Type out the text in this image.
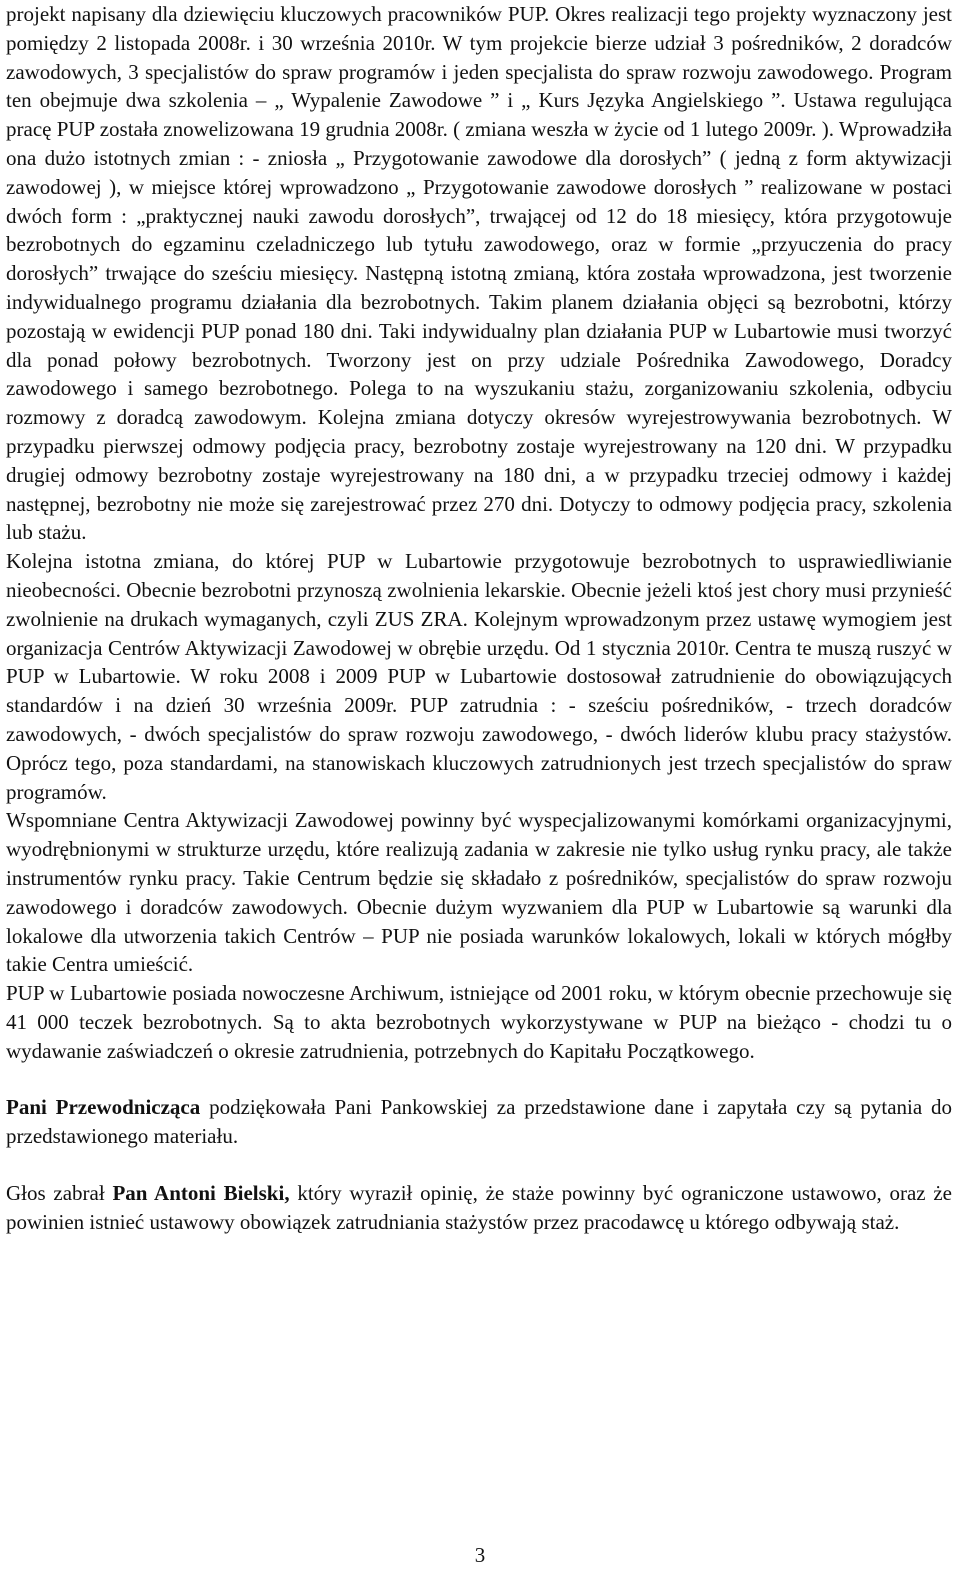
projekt napisany dla dziewięciu kluczowych pracowników PUP. Okres realizacji tego projekty wyznaczony jest pomiędzy 2 listopada 2008r. i 30 września 2010r. W tym projekcie bierze udział 3 pośredników, 2 doradców zawodowych, 3 specjalistów do spraw programów i jeden specjalista do spraw rozwoju zawodowego. Program ten obejmuje dwa szkolenia – „ Wypalenie Zawodowe ” i „ Kurs Języka Angielskiego ”. Ustawa regulująca pracę PUP została znowelizowana 19 grudnia 2008r. ( zmiana weszła w życie od 1 lutego 2009r. ). Wprowadziła ona dużo istotnych zmian : - zniosła „ Przygotowanie zawodowe dla dorosłych” ( jedną z form aktywizacji zawodowej ), w miejsce której wprowadzono „ Przygotowanie zawodowe dorosłych ” realizowane w postaci dwóch form : „praktycznej nauki zawodu dorosłych”, trwającej od 12 do 18 miesięcy, która przygotowuje bezrobotnych do egzaminu czeladniczego lub tytułu zawodowego, oraz w formie „przyuczenia do pracy dorosłych” trwające do sześciu miesięcy. Następną istotną zmianą, która została wprowadzona, jest tworzenie indywidualnego programu działania dla bezrobotnych. Takim planem działania objęci są bezrobotni, którzy pozostają w ewidencji PUP ponad 180 dni. Taki indywidualny plan działania PUP w Lubartowie musi tworzyć dla ponad połowy bezrobotnych. Tworzony jest on przy udziale Pośrednika Zawodowego, Doradcy zawodowego i samego bezrobotnego. Polega to na wyszukaniu stażu, zorganizowaniu szkolenia, odbyciu rozmowy z doradcą zawodowym. Kolejna zmiana dotyczy okresów wyrejestrowywania bezrobotnych. W przypadku pierwszej odmowy podjęcia pracy, bezrobotny zostaje wyrejestrowany na 120 dni. W przypadku drugiej odmowy bezrobotny zostaje wyrejestrowany na 180 dni, a w przypadku trzeciej odmowy i każdej następnej, bezrobotny nie może się zarejestrować przez 270 dni. Dotyczy to odmowy podjęcia pracy, szkolenia lub stażu.

Kolejna istotna zmiana, do której PUP w Lubartowie przygotowuje bezrobotnych to usprawiedliwianie nieobecności. Obecnie bezrobotni przynoszą zwolnienia lekarskie. Obecnie jeżeli ktoś jest chory musi przynieść zwolnienie na drukach wymaganych, czyli ZUS ZRA. Kolejnym wprowadzonym przez ustawę wymogiem jest organizacja Centrów Aktywizacji Zawodowej w obrębie urzędu. Od 1 stycznia 2010r. Centra te muszą ruszyć w PUP w Lubartowie. W roku 2008 i 2009 PUP w Lubartowie dostosował zatrudnienie do obowiązujących standardów i na dzień 30 września 2009r. PUP zatrudnia : - sześciu pośredników, - trzech doradców zawodowych, - dwóch specjalistów do spraw rozwoju zawodowego, - dwóch liderów klubu pracy stażystów. Oprócz tego, poza standardami, na stanowiskach kluczowych zatrudnionych jest trzech specjalistów do spraw programów.

Wspomniane Centra Aktywizacji Zawodowej powinny być wyspecjalizowanymi komórkami organizacyjnymi, wyodrębnionymi w strukturze urzędu, które realizują zadania w zakresie nie tylko usług rynku pracy, ale także instrumentów rynku pracy. Takie Centrum będzie się składało z pośredników, specjalistów do spraw rozwoju zawodowego i doradców zawodowych. Obecnie dużym wyzwaniem dla PUP w Lubartowie są warunki dla lokalowe dla utworzenia takich Centrów – PUP nie posiada warunków lokalowych, lokali w których mógłby takie Centra umieścić.

PUP w Lubartowie posiada nowoczesne Archiwum, istniejące od 2001 roku, w którym obecnie przechowuje się 41 000 teczek bezrobotnych. Są to akta bezrobotnych wykorzystywane w PUP na bieżąco - chodzi tu o wydawanie zaświadczeń o okresie zatrudnienia, potrzebnych do Kapitału Początkowego.

Pani Przewodnicząca podziękowała Pani Pankowskiej za przedstawione dane i zapytała czy są pytania do przedstawionego materiału.

Głos zabrał Pan Antoni Bielski, który wyraził opinię, że staże powinny być ograniczone ustawowo, oraz że powinien istnieć ustawowy obowiązek zatrudniania stażystów przez pracodawcę u którego odbywają staż.

3
